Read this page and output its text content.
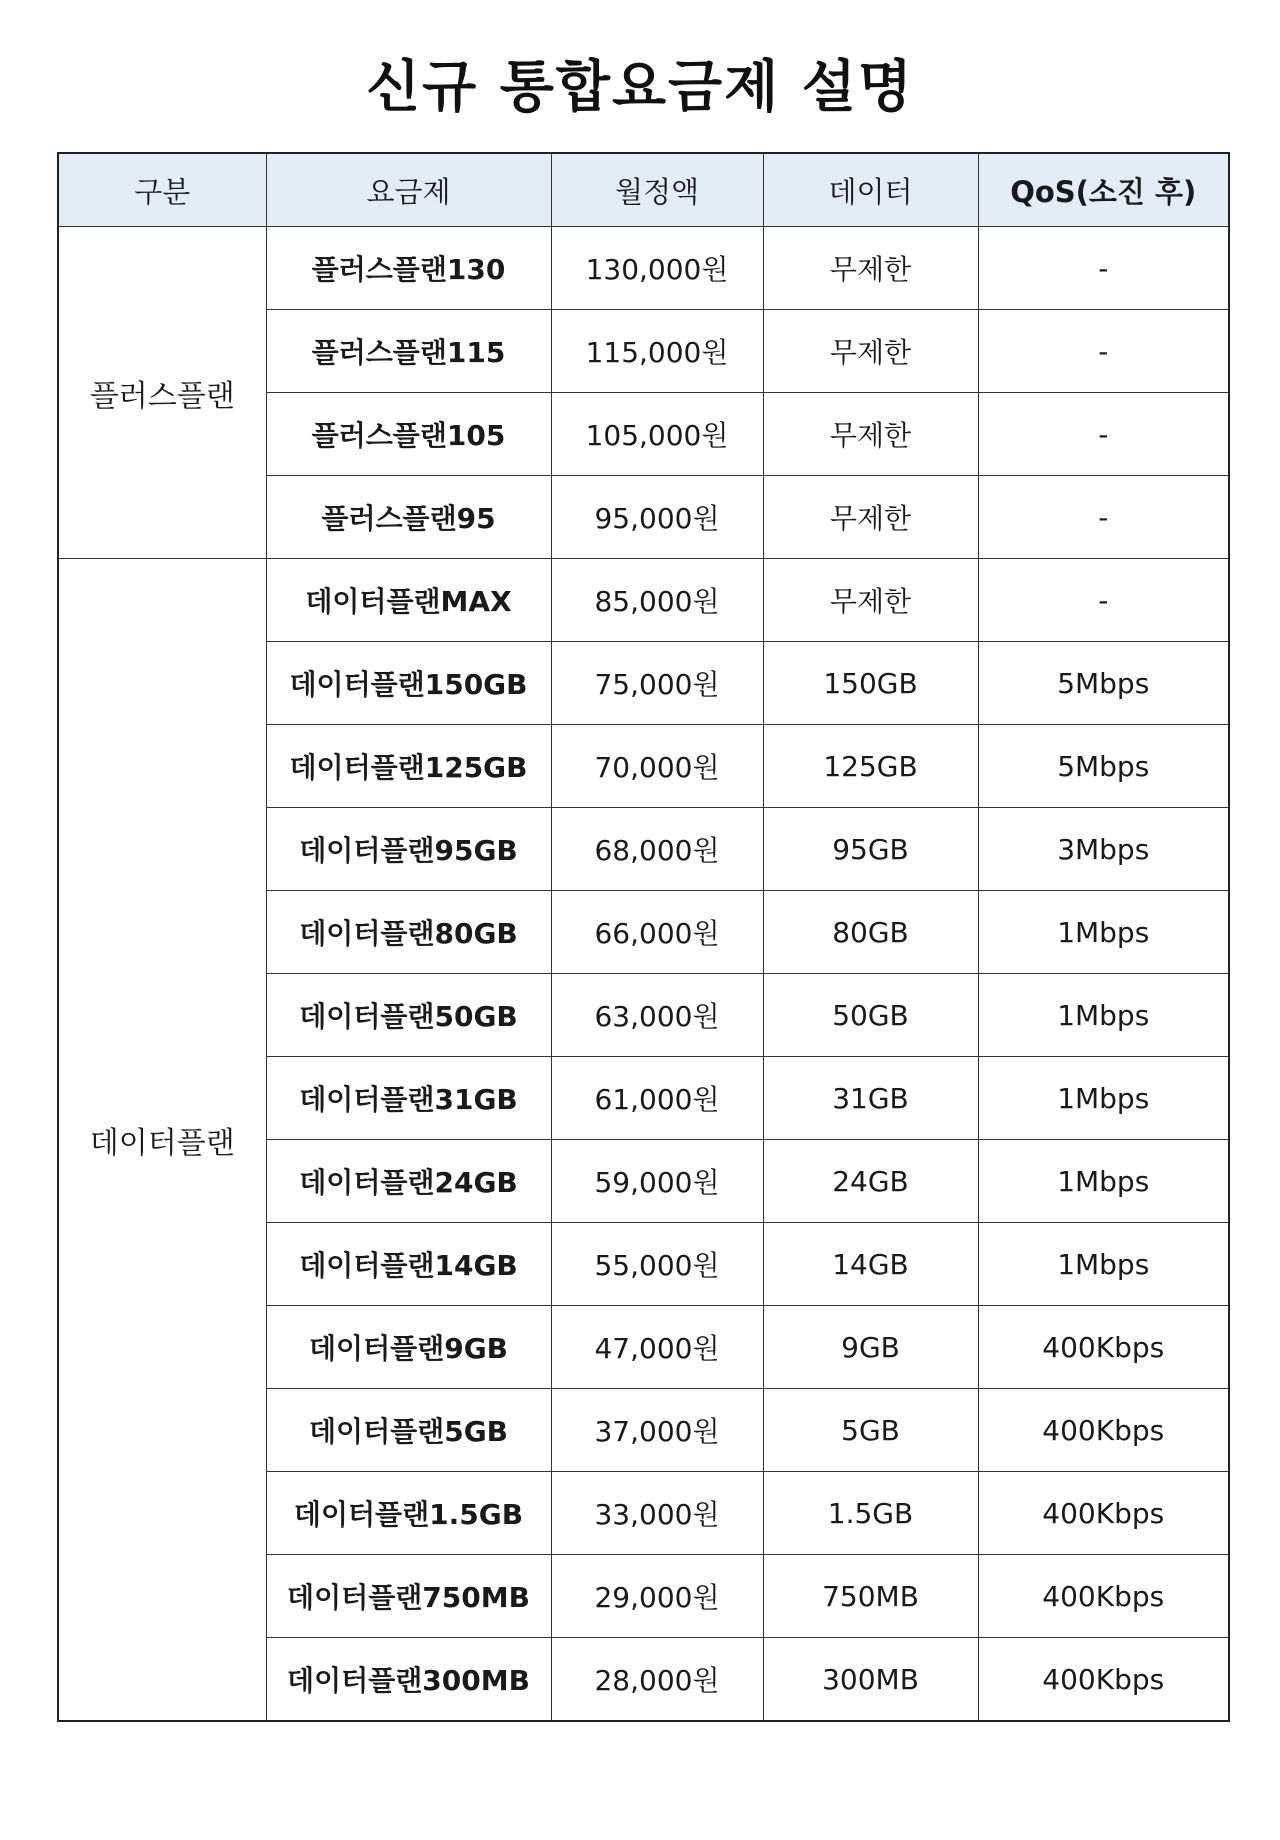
신규 통합요금제 설명
구분	요금제	월정액	데이터	QoS(소진 후)
플러스플랜	플러스플랜130	130,000원	무제한	-
	플러스플랜115	115,000원	무제한	-
	플러스플랜105	105,000원	무제한	-
	플러스플랜95	95,000원	무제한	-
데이터플랜	데이터플랜MAX	85,000원	무제한	-
	데이터플랜150GB	75,000원	150GB	5Mbps
	데이터플랜125GB	70,000원	125GB	5Mbps
	데이터플랜95GB	68,000원	95GB	3Mbps
	데이터플랜80GB	66,000원	80GB	1Mbps
	데이터플랜50GB	63,000원	50GB	1Mbps
	데이터플랜31GB	61,000원	31GB	1Mbps
	데이터플랜24GB	59,000원	24GB	1Mbps
	데이터플랜14GB	55,000원	14GB	1Mbps
	데이터플랜9GB	47,000원	9GB	400Kbps
	데이터플랜5GB	37,000원	5GB	400Kbps
	데이터플랜1.5GB	33,000원	1.5GB	400Kbps
	데이터플랜750MB	29,000원	750MB	400Kbps
	데이터플랜300MB	28,000원	300MB	400Kbps
